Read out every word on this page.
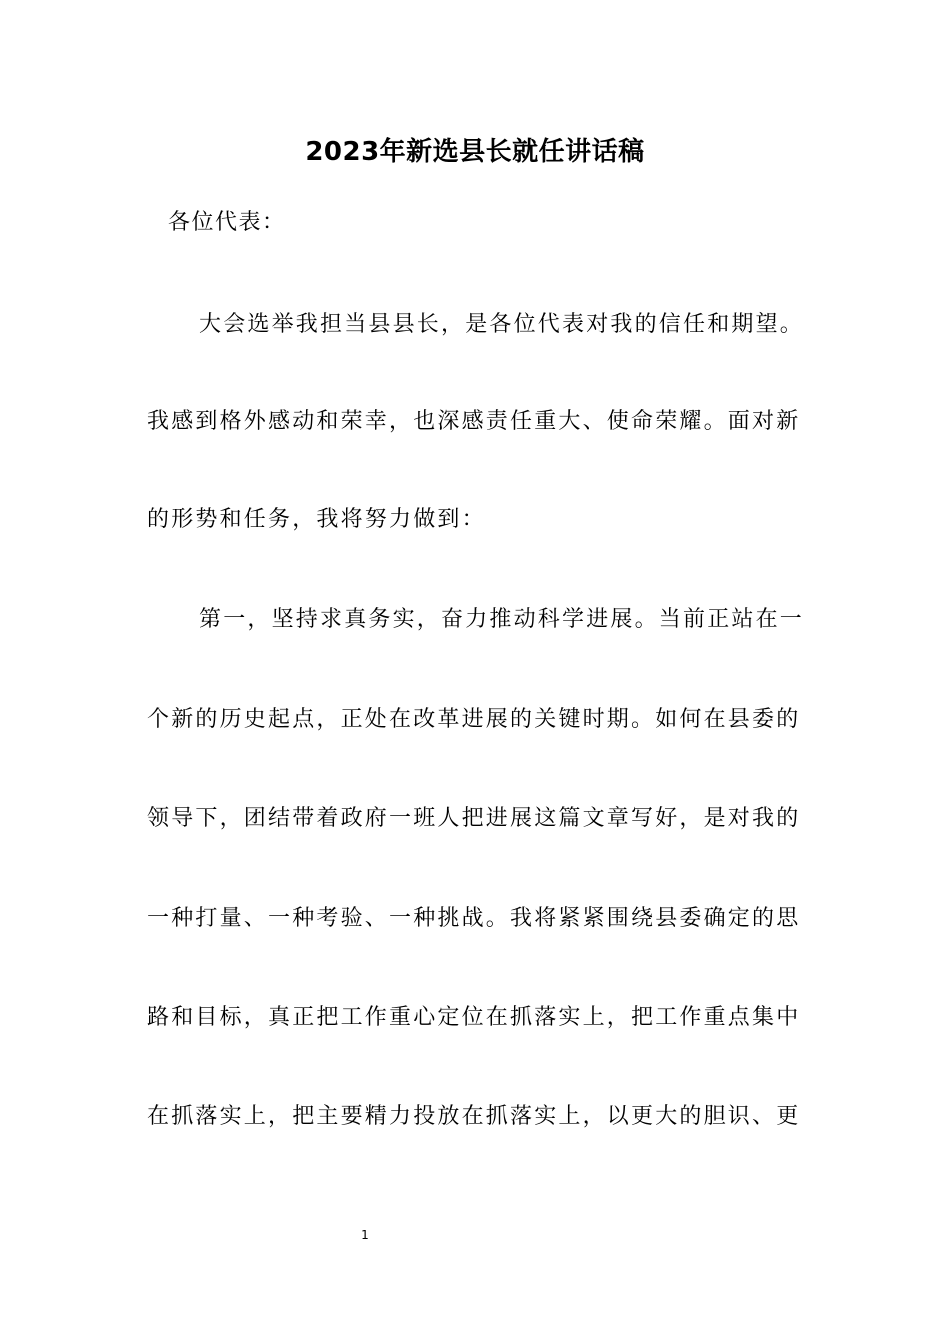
2023年新选县长就任讲话稿
各位代表：
大会选举我担当县县长，是各位代表对我的信任和期望。
我感到格外感动和荣幸，也深感责任重大、使命荣耀。面对新
的形势和任务，我将努力做到：
第一，坚持求真务实，奋力推动科学进展。当前正站在一
个新的历史起点，正处在改革进展的关键时期。如何在县委的
领导下，团结带着政府一班人把进展这篇文章写好，是对我的
一种打量、一种考验、一种挑战。我将紧紧围绕县委确定的思
路和目标，真正把工作重心定位在抓落实上，把工作重点集中
在抓落实上，把主要精力投放在抓落实上，以更大的胆识、更
1
